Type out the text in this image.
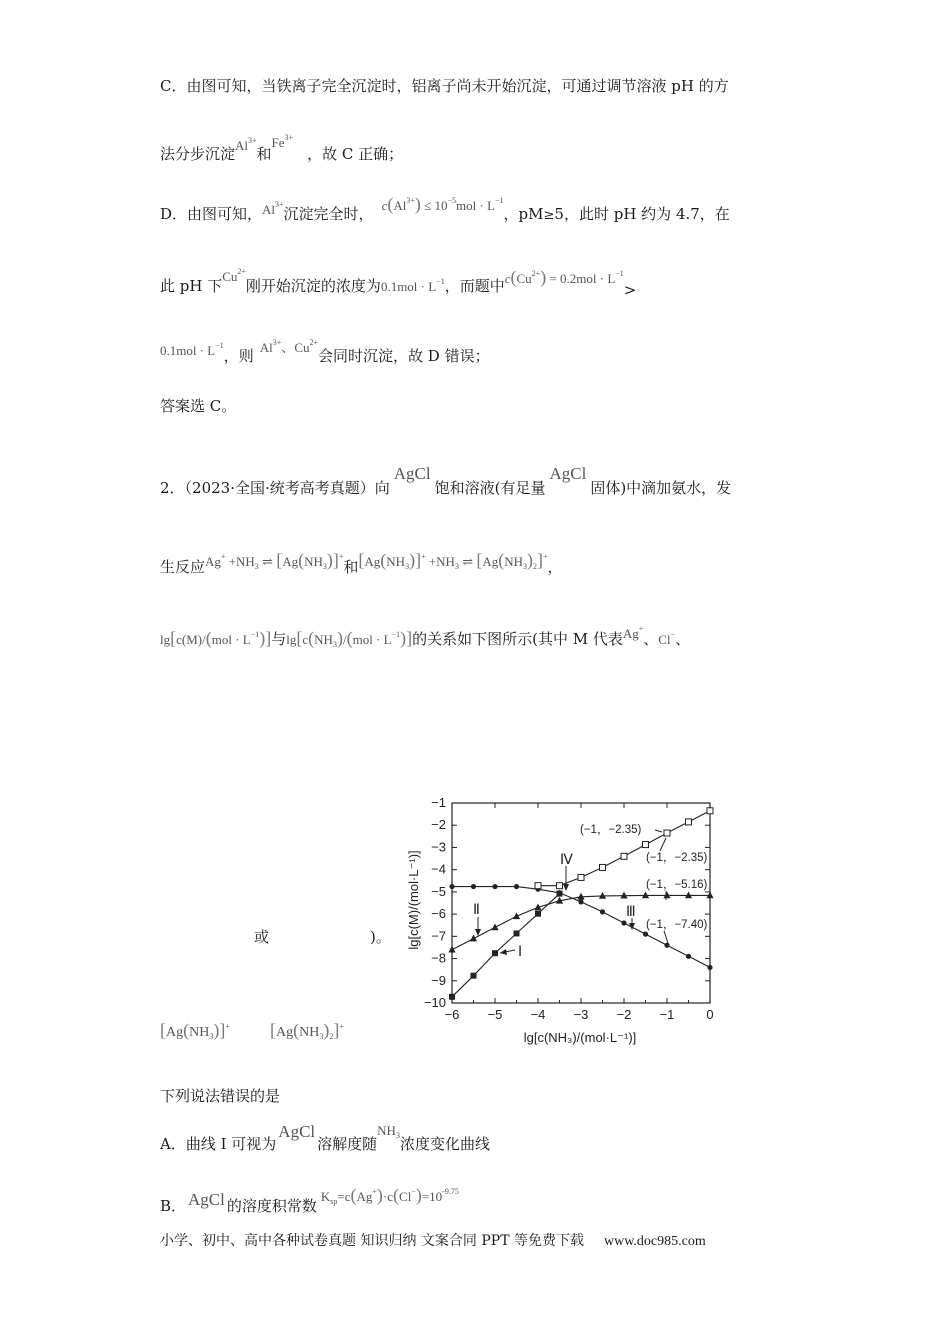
C．由图可知，当铁离子完全沉淀时，铝离子尚未开始沉淀，可通过调节溶液 pH 的方
法分步沉淀$Al^{3+}$和$Fe^{3+}$，故 C 正确；
D．由图可知，$Al^{3+}$沉淀完全时， $c(Al^{3+}) \le 10^{-5}mol \cdot L^{-1}$，pM≥5，此时 pH 约为 4.7，在
此 pH 下$Cu^{2+}$刚开始沉淀的浓度为$0.1mol \cdot L^{-1}$，而题中$c(Cu^{2+}) = 0.2mol \cdot L^{-1}>$
$0.1mol \cdot L^{-1}$，则 $Al^{3+}$、$Cu^{2+}$会同时沉淀，故 D 错误；
答案选 C。
2．（2023·全国·统考高考真题）向AgCl饱和溶液(有足量AgCl固体)中滴加氨水，发
生反应$Ag^+ +NH_3$ ⇌ $[Ag(NH_3)]^+$和$[Ag(NH_3)]^+ +NH_3$ ⇌ $[Ag(NH_3)_2]^+$，
$\lg[c(M)/(mol \cdot L^{-1})]$与$\lg[c(NH_3)/(mol \cdot L^{-1})]$的关系如下图所示(其中 M 代表Ag+、Cl−、
或	)。
−6 −5 −4 −3 −2 −1 0
−1
−2
−3
−4
−5
−6
−7
−8
−9
−10
Ⅰ
Ⅱ	Ⅲ
Ⅳ
(−1，−2.35)
(−1，−2.35)
(−1，−5.16)
(−1，−7.40)
lg[c(NH₃)/(mol·L⁻¹)]
lg[c(M)/(mol·L⁻¹)]
$[Ag(NH_3)]^+$ $[Ag(NH_3)_2]^+$
下列说法错误的是
A．曲线 I 可视为AgCl溶解度随$NH_3$浓度变化曲线
B． AgCl 的溶度积常数$K_{sp}=c(Ag^+)\cdot c(Cl^-)=10^{-9.75}$
小学、初中、高中各种试卷真题 知识归纳 文案合同 PPT 等免费下载 www.doc985.com
